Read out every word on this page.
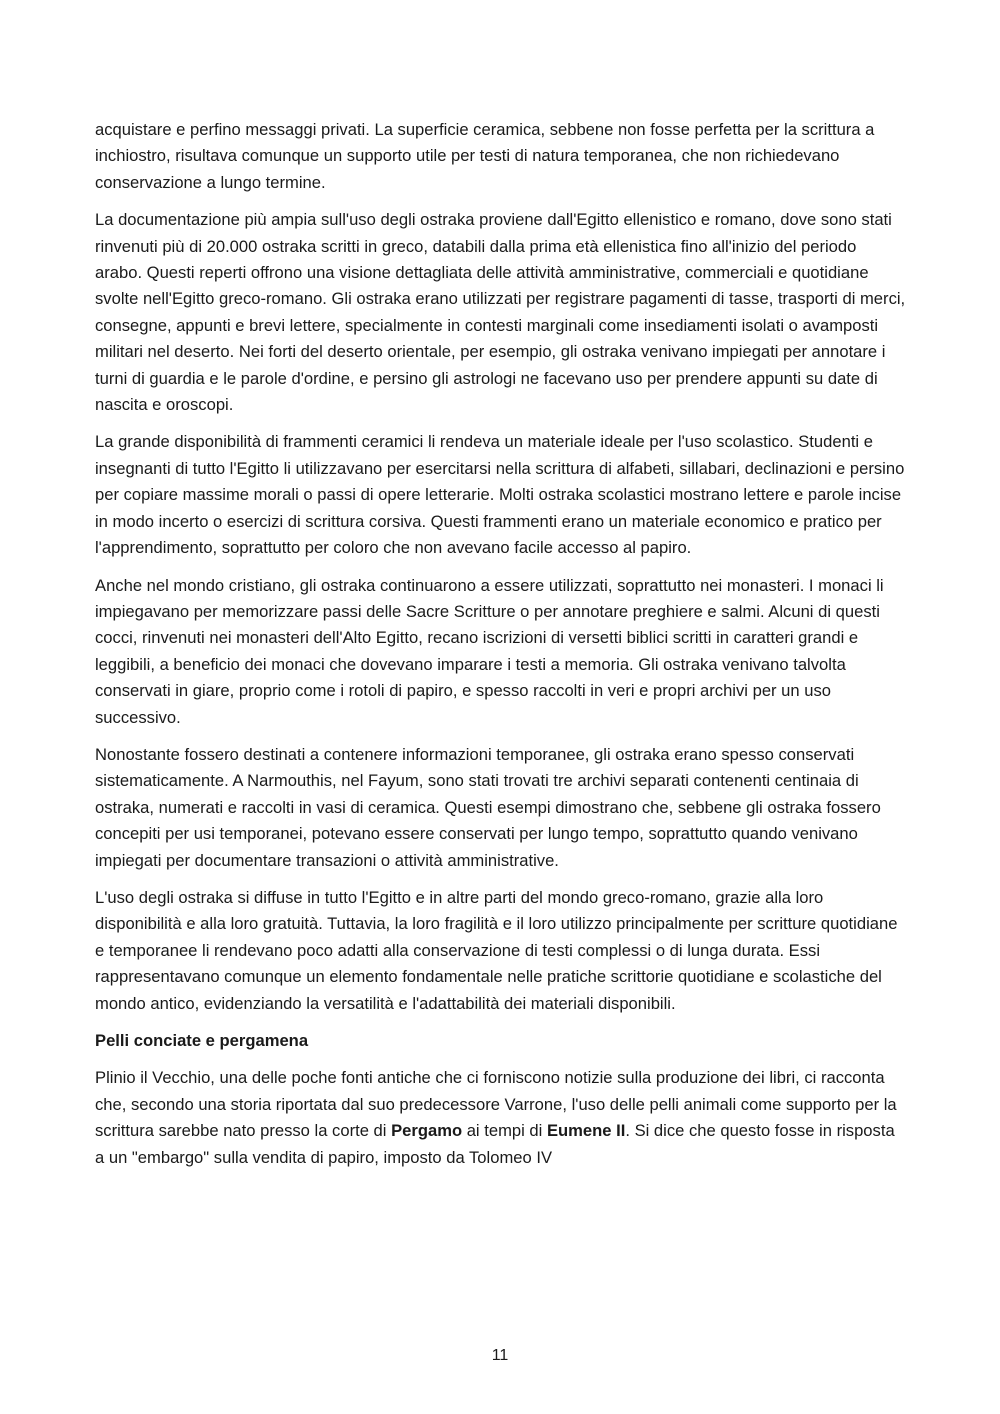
acquistare e perfino messaggi privati. La superficie ceramica, sebbene non fosse perfetta per la scrittura a inchiostro, risultava comunque un supporto utile per testi di natura temporanea, che non richiedevano conservazione a lungo termine.

La documentazione più ampia sull'uso degli ostraka proviene dall'Egitto ellenistico e romano, dove sono stati rinvenuti più di 20.000 ostraka scritti in greco, databili dalla prima età ellenistica fino all'inizio del periodo arabo. Questi reperti offrono una visione dettagliata delle attività amministrative, commerciali e quotidiane svolte nell'Egitto greco-romano. Gli ostraka erano utilizzati per registrare pagamenti di tasse, trasporti di merci, consegne, appunti e brevi lettere, specialmente in contesti marginali come insediamenti isolati o avamposti militari nel deserto. Nei forti del deserto orientale, per esempio, gli ostraka venivano impiegati per annotare i turni di guardia e le parole d'ordine, e persino gli astrologi ne facevano uso per prendere appunti su date di nascita e oroscopi.

La grande disponibilità di frammenti ceramici li rendeva un materiale ideale per l'uso scolastico. Studenti e insegnanti di tutto l'Egitto li utilizzavano per esercitarsi nella scrittura di alfabeti, sillabari, declinazioni e persino per copiare massime morali o passi di opere letterarie. Molti ostraka scolastici mostrano lettere e parole incise in modo incerto o esercizi di scrittura corsiva. Questi frammenti erano un materiale economico e pratico per l'apprendimento, soprattutto per coloro che non avevano facile accesso al papiro.

Anche nel mondo cristiano, gli ostraka continuarono a essere utilizzati, soprattutto nei monasteri. I monaci li impiegavano per memorizzare passi delle Sacre Scritture o per annotare preghiere e salmi. Alcuni di questi cocci, rinvenuti nei monasteri dell'Alto Egitto, recano iscrizioni di versetti biblici scritti in caratteri grandi e leggibili, a beneficio dei monaci che dovevano imparare i testi a memoria. Gli ostraka venivano talvolta conservati in giare, proprio come i rotoli di papiro, e spesso raccolti in veri e propri archivi per un uso successivo.

Nonostante fossero destinati a contenere informazioni temporanee, gli ostraka erano spesso conservati sistematicamente. A Narmouthis, nel Fayum, sono stati trovati tre archivi separati contenenti centinaia di ostraka, numerati e raccolti in vasi di ceramica. Questi esempi dimostrano che, sebbene gli ostraka fossero concepiti per usi temporanei, potevano essere conservati per lungo tempo, soprattutto quando venivano impiegati per documentare transazioni o attività amministrative.

L'uso degli ostraka si diffuse in tutto l'Egitto e in altre parti del mondo greco-romano, grazie alla loro disponibilità e alla loro gratuità. Tuttavia, la loro fragilità e il loro utilizzo principalmente per scritture quotidiane e temporanee li rendevano poco adatti alla conservazione di testi complessi o di lunga durata. Essi rappresentavano comunque un elemento fondamentale nelle pratiche scrittorie quotidiane e scolastiche del mondo antico, evidenziando la versatilità e l'adattabilità dei materiali disponibili.

Pelli conciate e pergamena

Plinio il Vecchio, una delle poche fonti antiche che ci forniscono notizie sulla produzione dei libri, ci racconta che, secondo una storia riportata dal suo predecessore Varrone, l'uso delle pelli animali come supporto per la scrittura sarebbe nato presso la corte di Pergamo ai tempi di Eumene II. Si dice che questo fosse in risposta a un "embargo" sulla vendita di papiro, imposto da Tolomeo IV

11
